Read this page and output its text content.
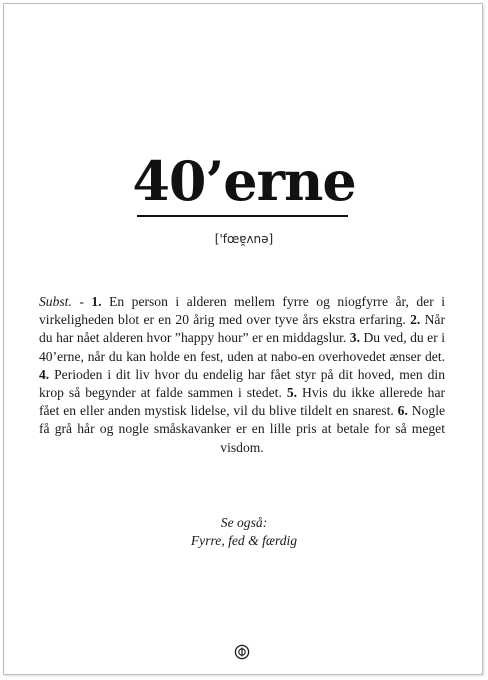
40’erne
['fœɐ̯ʌnə]
Subst. - 1. En person i alderen mellem fyrre og niogfyrre år, der i virkeligheden blot er en 20 årig med over tyve års ekstra erfaring. 2. Når du har nået alderen hvor ”happy hour” er en middagslur. 3. Du ved, du er i 40’erne, når du kan holde en fest, uden at nabo-en overhovedet ænser det. 4. Perioden i dit liv hvor du endelig har fået styr på dit hoved, men din krop så begynder at falde sammen i stedet. 5. Hvis du ikke allerede har fået en eller anden mystisk lidelse, vil du blive tildelt en snarest. 6. Nogle få grå hår og nogle småskavanker er en lille pris at betale for så meget visdom.
Se også:
Fyrre, fed & færdig
